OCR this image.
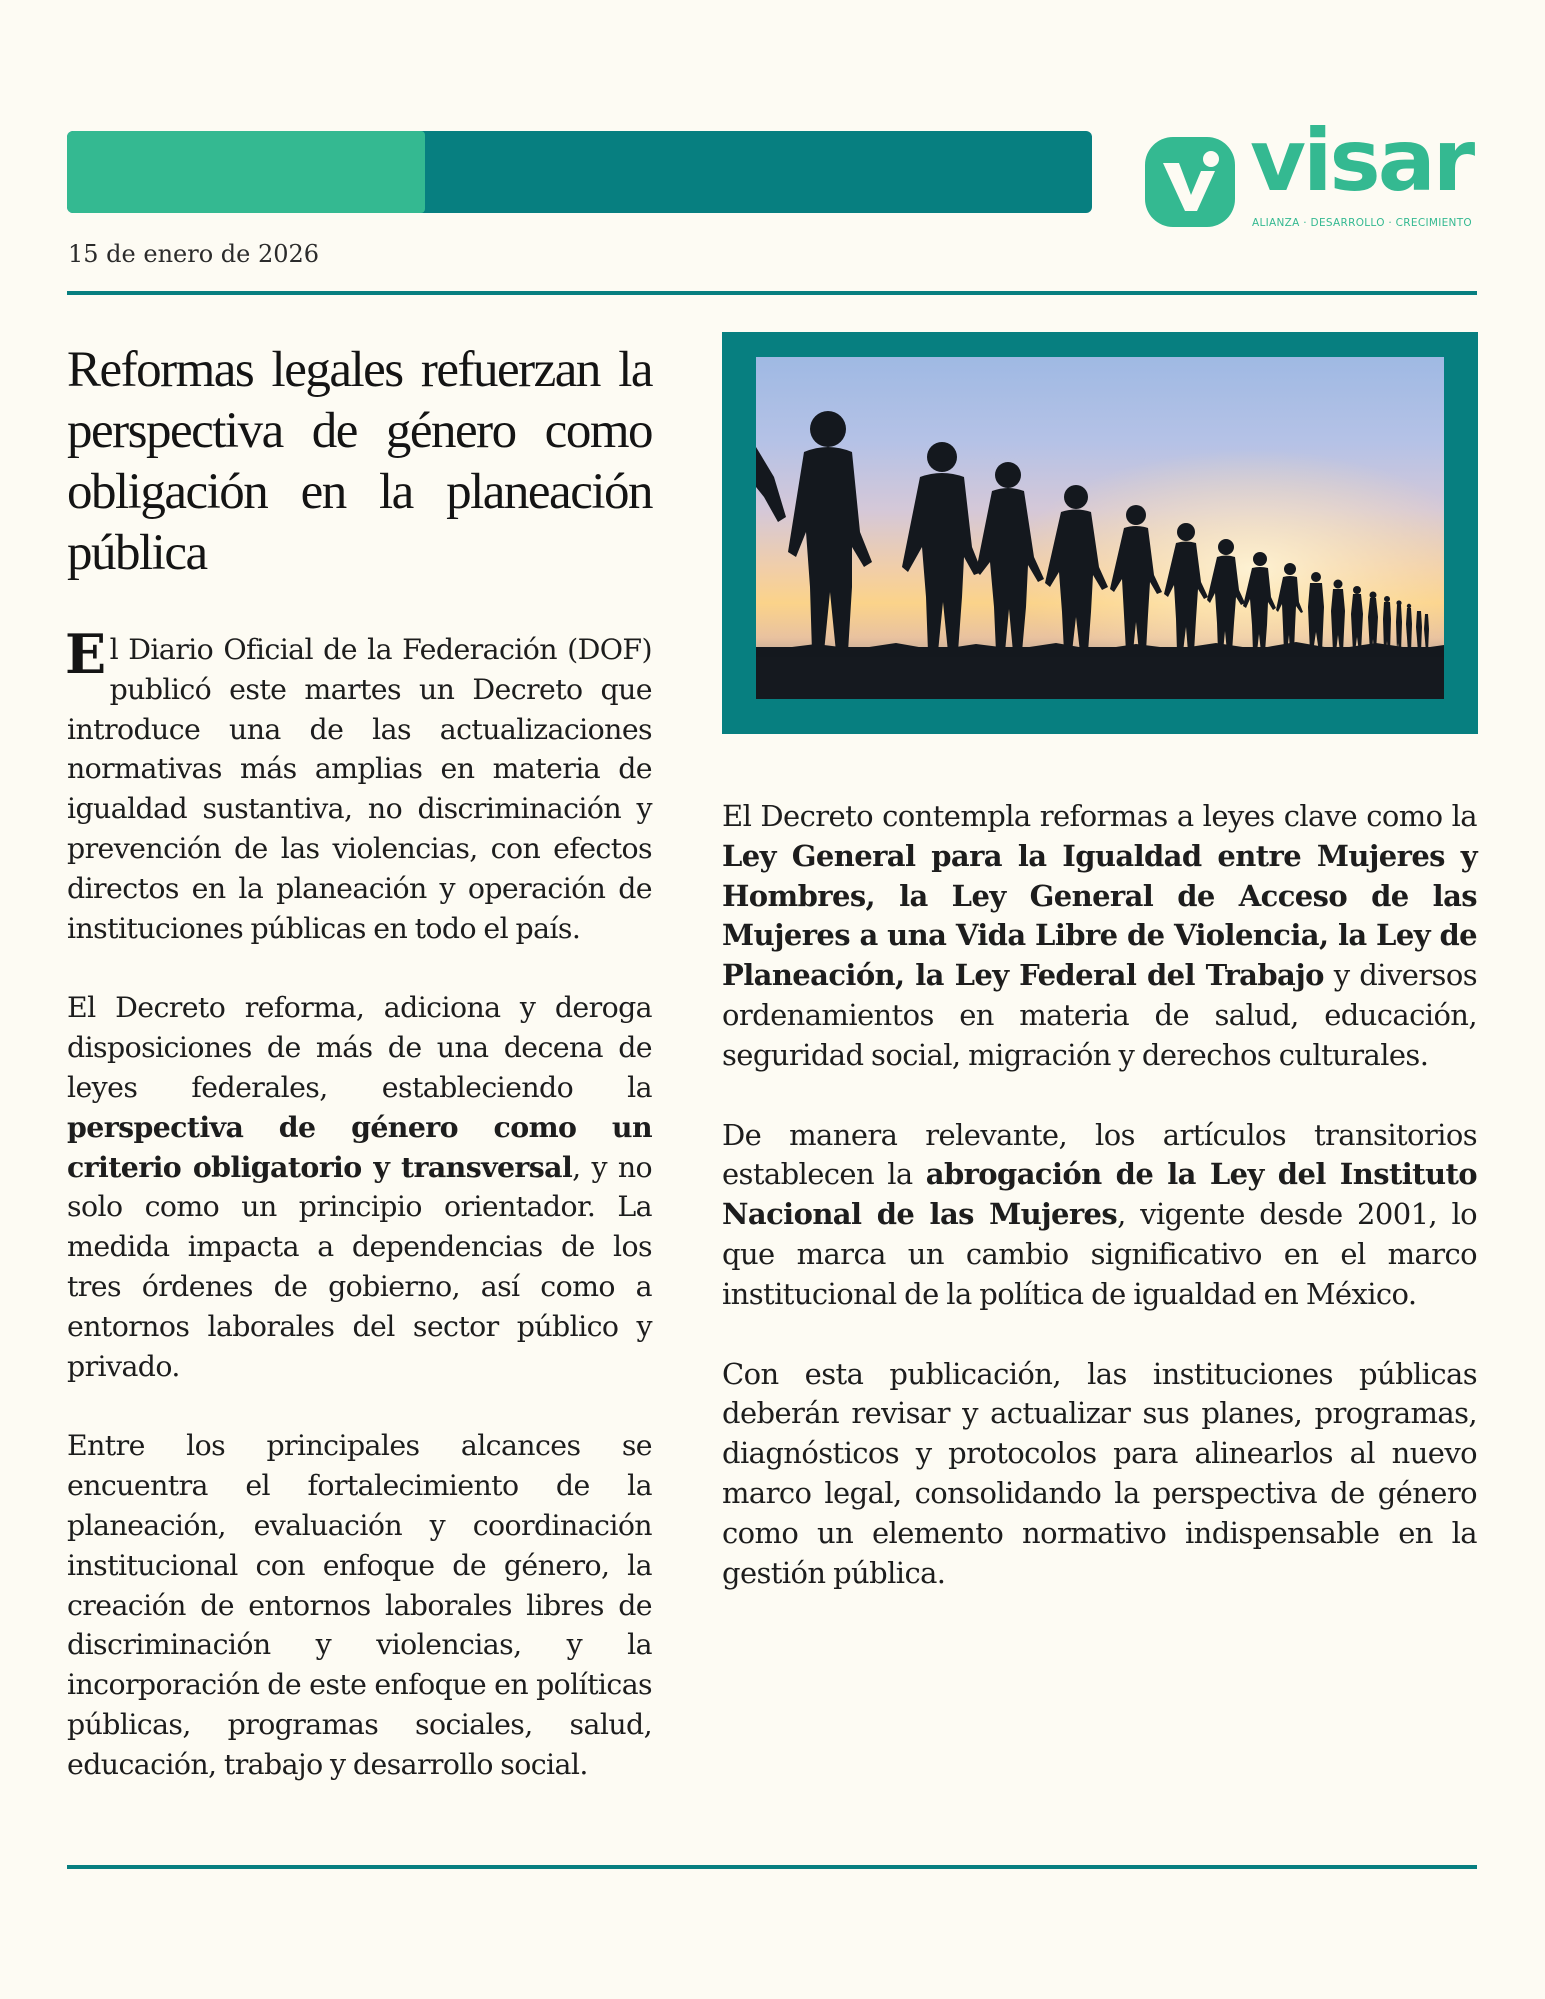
visar
ALIANZA · DESARROLLO · CRECIMIENTO
15 de enero de 2026
Reformas legales refuerzan la perspectiva de género como obligación en la planeación pública

El Diario Oficial de la Federación (DOF) publicó este martes un Decreto que introduce una de las actualizaciones normativas más amplias en materia de igualdad sustantiva, no discriminación y prevención de las violencias, con efectos directos en la planeación y operación de instituciones públicas en todo el país.

El Decreto reforma, adiciona y deroga disposiciones de más de una decena de leyes federales, estableciendo la perspectiva de género como un criterio obligatorio y transversal, y no solo como un principio orientador. La medida impacta a dependencias de los tres órdenes de gobierno, así como a entornos laborales del sector público y privado.

Entre los principales alcances se encuentra el fortalecimiento de la planeación, evaluación y coordinación institucional con enfoque de género, la creación de entornos laborales libres de discriminación y violencias, y la incorporación de este enfoque en políticas públicas, programas sociales, salud, educación, trabajo y desarrollo social.

El Decreto contempla reformas a leyes clave como la Ley General para la Igualdad entre Mujeres y Hombres, la Ley General de Acceso de las Mujeres a una Vida Libre de Violencia, la Ley de Planeación, la Ley Federal del Trabajo y diversos ordenamientos en materia de salud, educación, seguridad social, migración y derechos culturales.

De manera relevante, los artículos transitorios establecen la abrogación de la Ley del Instituto Nacional de las Mujeres, vigente desde 2001, lo que marca un cambio significativo en el marco institucional de la política de igualdad en México.

Con esta publicación, las instituciones públicas deberán revisar y actualizar sus planes, programas, diagnósticos y protocolos para alinearlos al nuevo marco legal, consolidando la perspectiva de género como un elemento normativo indispensable en la gestión pública.
